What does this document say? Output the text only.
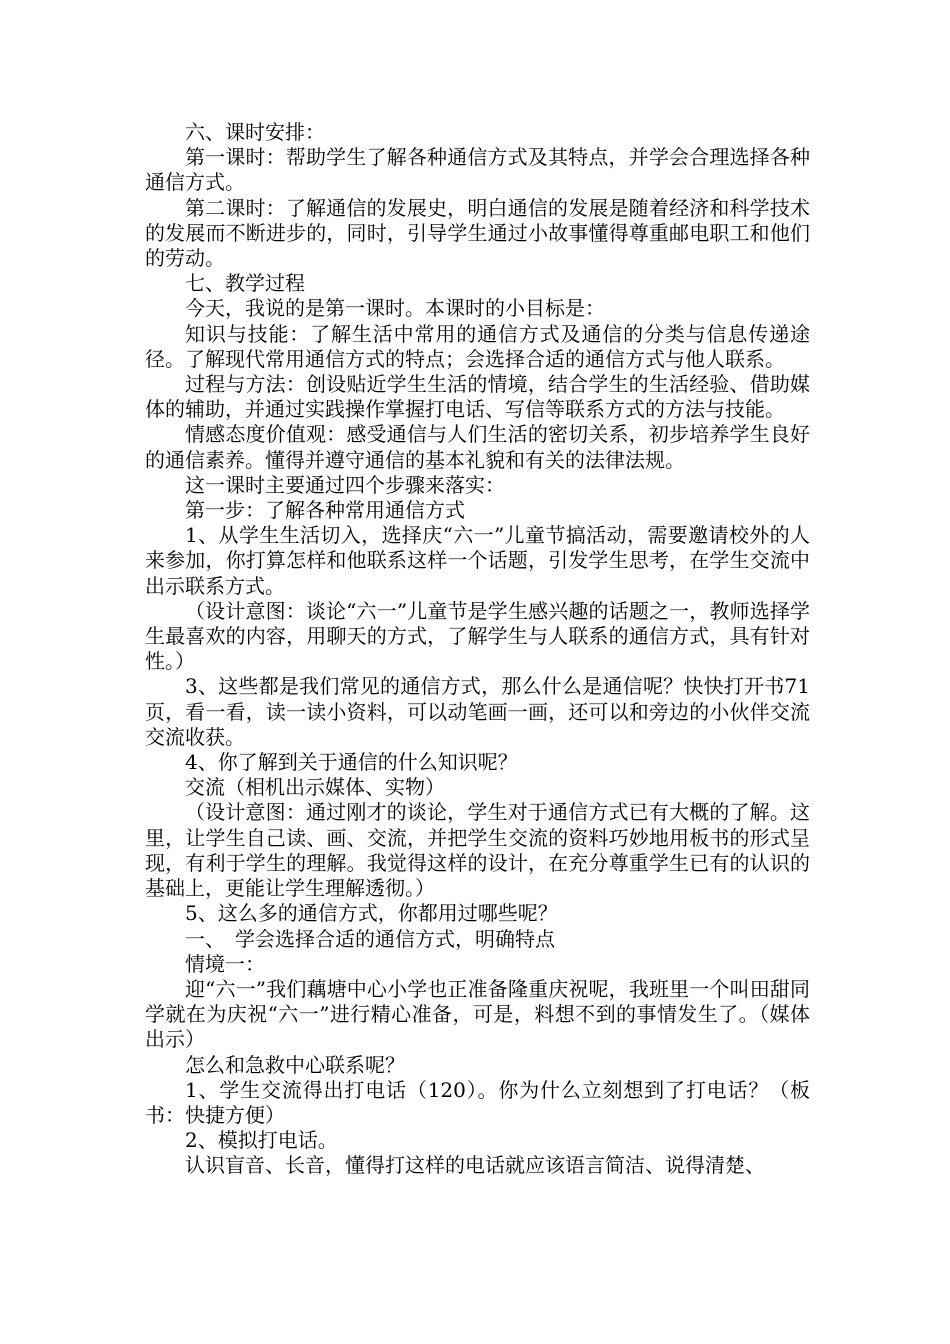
六、课时安排：

第一课时：帮助学生了解各种通信方式及其特点，并学会合理选择各种通信方式。

第二课时：了解通信的发展史，明白通信的发展是随着经济和科学技术的发展而不断进步的，同时，引导学生通过小故事懂得尊重邮电职工和他们的劳动。

七、教学过程

今天，我说的是第一课时。本课时的小目标是：

知识与技能：了解生活中常用的通信方式及通信的分类与信息传递途径。了解现代常用通信方式的特点；会选择合适的通信方式与他人联系。

过程与方法：创设贴近学生生活的情境，结合学生的生活经验、借助媒体的辅助，并通过实践操作掌握打电话、写信等联系方式的方法与技能。

情感态度价值观：感受通信与人们生活的密切关系，初步培养学生良好的通信素养。懂得并遵守通信的基本礼貌和有关的法律法规。

这一课时主要通过四个步骤来落实：

第一步：了解各种常用通信方式

1、从学生生活切入，选择庆“六一”儿童节搞活动，需要邀请校外的人来参加，你打算怎样和他联系这样一个话题，引发学生思考，在学生交流中出示联系方式。

（设计意图：谈论“六一”儿童节是学生感兴趣的话题之一，教师选择学生最喜欢的内容，用聊天的方式，了解学生与人联系的通信方式，具有针对性。）

3、这些都是我们常见的通信方式，那么什么是通信呢？快快打开书71页，看一看，读一读小资料，可以动笔画一画，还可以和旁边的小伙伴交流交流收获。

4、你了解到关于通信的什么知识呢？

交流（相机出示媒体、实物）

（设计意图：通过刚才的谈论，学生对于通信方式已有大概的了解。这里，让学生自己读、画、交流，并把学生交流的资料巧妙地用板书的形式呈现，有利于学生的理解。我觉得这样的设计，在充分尊重学生已有的认识的基础上，更能让学生理解透彻。）

5、这么多的通信方式，你都用过哪些呢？

一、　学会选择合适的通信方式，明确特点

情境一：

迎“六一”我们藕塘中心小学也正准备隆重庆祝呢，我班里一个叫田甜同学就在为庆祝“六一”进行精心准备，可是，料想不到的事情发生了。（媒体出示）

怎么和急救中心联系呢？

1、学生交流得出打电话（120）。你为什么立刻想到了打电话？（板书：快捷方便）

2、模拟打电话。

认识盲音、长音，懂得打这样的电话就应该语言简洁、说得清楚、
